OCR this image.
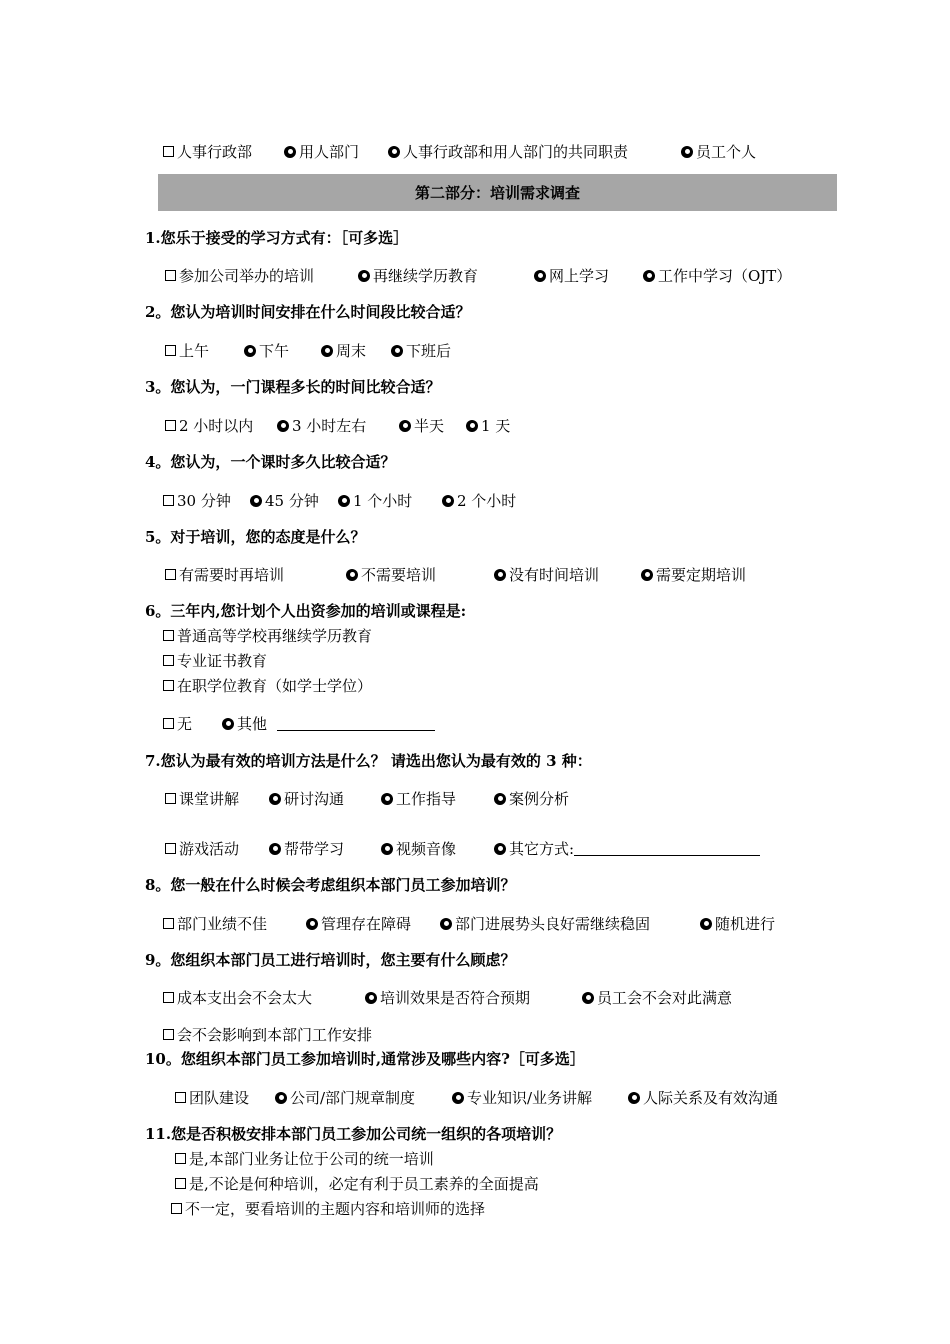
人事行政部	用人部门	人事行政部和用人部门的共同职责	员工个人
第二部分：培训需求调查
1.您乐于接受的学习方式有：［可多选］
参加公司举办的培训	再继续学历教育	网上学习	工作中学习（OJT）
2。您认为培训时间安排在什么时间段比较合适？
上午	下午	周末	下班后
3。您认为，一门课程多长的时间比较合适？
2 小时以内	3 小时左右	半天 1 天
4。您认为，一个课时多久比较合适？
30 分钟 45 分钟 1 个小时	2 个小时
5。对于培训，您的态度是什么？
有需要时再培训	不需要培训	没有时间培训	需要定期培训
6。三年内,您计划个人出资参加的培训或课程是:
普通高等学校再继续学历教育
专业证书教育
在职学位教育（如学士学位）
无	其他
7.您认为最有效的培训方法是什么？ 请选出您认为最有效的 3 种：
课堂讲解	研讨沟通	工作指导	案例分析
游戏活动	帮带学习	视频音像	其它方式:
8。您一般在什么时候会考虑组织本部门员工参加培训？
部门业绩不佳	管理存在障碍	部门进展势头良好需继续稳固	随机进行
9。您组织本部门员工进行培训时，您主要有什么顾虑？
成本支出会不会太大	培训效果是否符合预期	员工会不会对此满意
会不会影响到本部门工作安排
10。您组织本部门员工参加培训时,通常涉及哪些内容?［可多选］
团队建设	公司/部门规章制度	专业知识/业务讲解	人际关系及有效沟通
11.您是否积极安排本部门员工参加公司统一组织的各项培训？
是,本部门业务让位于公司的统一培训
是,不论是何种培训，必定有利于员工素养的全面提高
不一定，要看培训的主题内容和培训师的选择
